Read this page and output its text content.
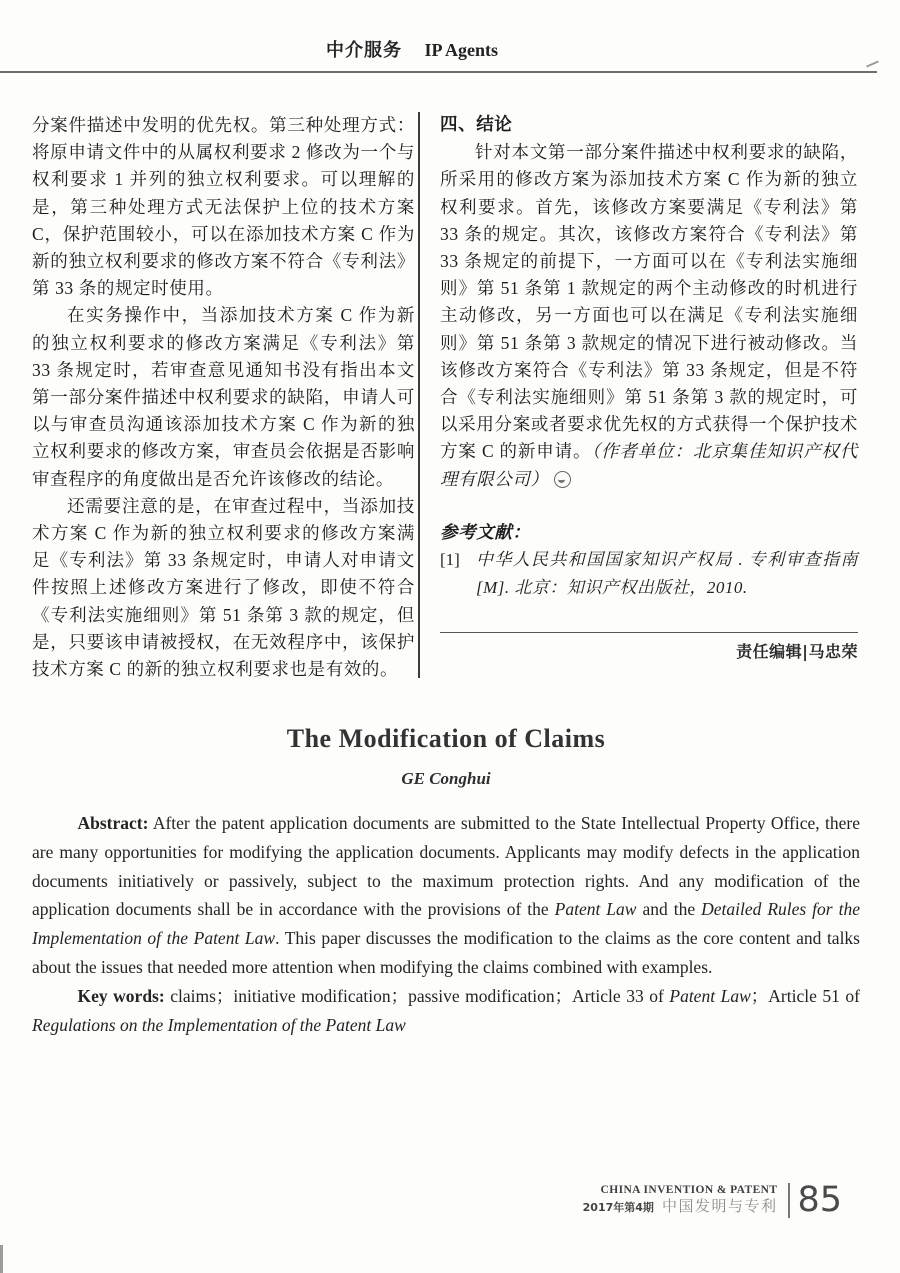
中介服务 IP Agents

分案件描述中发明的优先权。第三种处理方式：将原申请文件中的从属权利要求 2 修改为一个与权利要求 1 并列的独立权利要求。可以理解的是，第三种处理方式无法保护上位的技术方案 C，保护范围较小，可以在添加技术方案 C 作为新的独立权利要求的修改方案不符合《专利法》第 33 条的规定时使用。

在实务操作中，当添加技术方案 C 作为新的独立权利要求的修改方案满足《专利法》第 33 条规定时，若审查意见通知书没有指出本文第一部分案件描述中权利要求的缺陷，申请人可以与审查员沟通该添加技术方案 C 作为新的独立权利要求的修改方案，审查员会依据是否影响审查程序的角度做出是否允许该修改的结论。

还需要注意的是，在审查过程中，当添加技术方案 C 作为新的独立权利要求的修改方案满足《专利法》第 33 条规定时，申请人对申请文件按照上述修改方案进行了修改，即使不符合《专利法实施细则》第 51 条第 3 款的规定，但是，只要该申请被授权，在无效程序中，该保护技术方案 C 的新的独立权利要求也是有效的。

四、结论

针对本文第一部分案件描述中权利要求的缺陷，所采用的修改方案为添加技术方案 C 作为新的独立权利要求。首先，该修改方案要满足《专利法》第 33 条的规定。其次，该修改方案符合《专利法》第 33 条规定的前提下，一方面可以在《专利法实施细则》第 51 条第 1 款规定的两个主动修改的时机进行主动修改，另一方面也可以在满足《专利法实施细则》第 51 条第 3 款规定的情况下进行被动修改。当该修改方案符合《专利法》第 33 条规定，但是不符合《专利法实施细则》第 51 条第 3 款的规定时，可以采用分案或者要求优先权的方式获得一个保护技术方案 C 的新申请。（作者单位：北京集佳知识产权代理有限公司）

参考文献：

[1] 中华人民共和国国家知识产权局 . 专利审查指南 [M]. 北京：知识产权出版社，2010.
责任编辑|马忠荣
The Modification of Claims
GE Conghui

Abstract: After the patent application documents are submitted to the State Intellectual Property Office, there are many opportunities for modifying the application documents. Applicants may modify defects in the application documents initiatively or passively, subject to the maximum protection rights. And any modification of the application documents shall be in accordance with the provisions of the Patent Law and the Detailed Rules for the Implementation of the Patent Law. This paper discusses the modification to the claims as the core content and talks about the issues that needed more attention when modifying the claims combined with examples.

Key words: claims；initiative modification；passive modification；Article 33 of Patent Law；Article 51 of Regulations on the Implementation of the Patent Law

CHINA INVENTION & PATENT
2017年第4期 中国发明与专利 85
